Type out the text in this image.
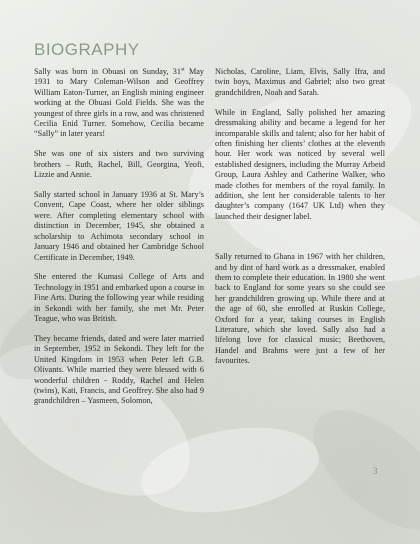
BIOGRAPHY

Sally was born in Obuasi on Sunday, 31st May 1931 to Mary Coleman-Wilson and Geoffrey William Eaton-Turner, an English mining engineer working at the Obuasi Gold Fields. She was the youngest of three girls in a row, and was christened Cecilia Enid Turner. Somehow, Cecilia became “Sally” in later years!

She was one of six sisters and two surviving brothers – Ruth, Rachel, Bill, Georgina, Yeofi, Lizzie and Annie.

Sally started school in January 1936 at St. Mary’s Convent, Cape Coast, where her older siblings were. After completing elementary school with distinction in December, 1945, she obtained a scholarship to Achimota secondary school in January 1946 and obtained her Cambridge School Certificate in December, 1949.

She entered the Kumasi College of Arts and Technology in 1951 and embarked upon a course in Fine Arts. During the following year while residing in Sekondi with her family, she met Mr. Peter Teague, who was British.

They became friends, dated and were later married in September, 1952 in Sekondi. They left for the United Kingdom in 1953 when Peter left G.B. Olivants. While married they were blessed with 6 wonderful children - Roddy, Rachel and Helen (twins), Kati, Francis, and Geoffrey. She also had 9 grandchildren – Yasmeen, Solomon,

Nicholas, Caroline, Liam, Elvis, Sally Ifra, and twin boys, Maximus and Gabriel; also two great grandchildren, Noah and Sarah.

While in England, Sally polished her amazing dressmaking ability and became a legend for her incomparable skills and talent; also for her habit of often finishing her clients’ clothes at the eleventh hour. Her work was noticed by several well established designers, including the Murray Arbeid Group, Laura Ashley and Catherine Walker, who made clothes for members of the royal family. In addition, she lent her considerable talents to her daughter’s company (1647 UK Ltd) when they launched their designer label.

Sally returned to Ghana in 1967 with her children, and by dint of hard work as a dressmaker, enabled them to complete their education. In 1980 she went back to England for some years so she could see her grandchildren growing up. While there and at the age of 60, she enrolled at Ruskin College, Oxford for a year, taking courses in English Literature, which she loved. Sally also had a lifelong love for classical music; Beethoven, Handel and Brahms were just a few of her favourites.

3
